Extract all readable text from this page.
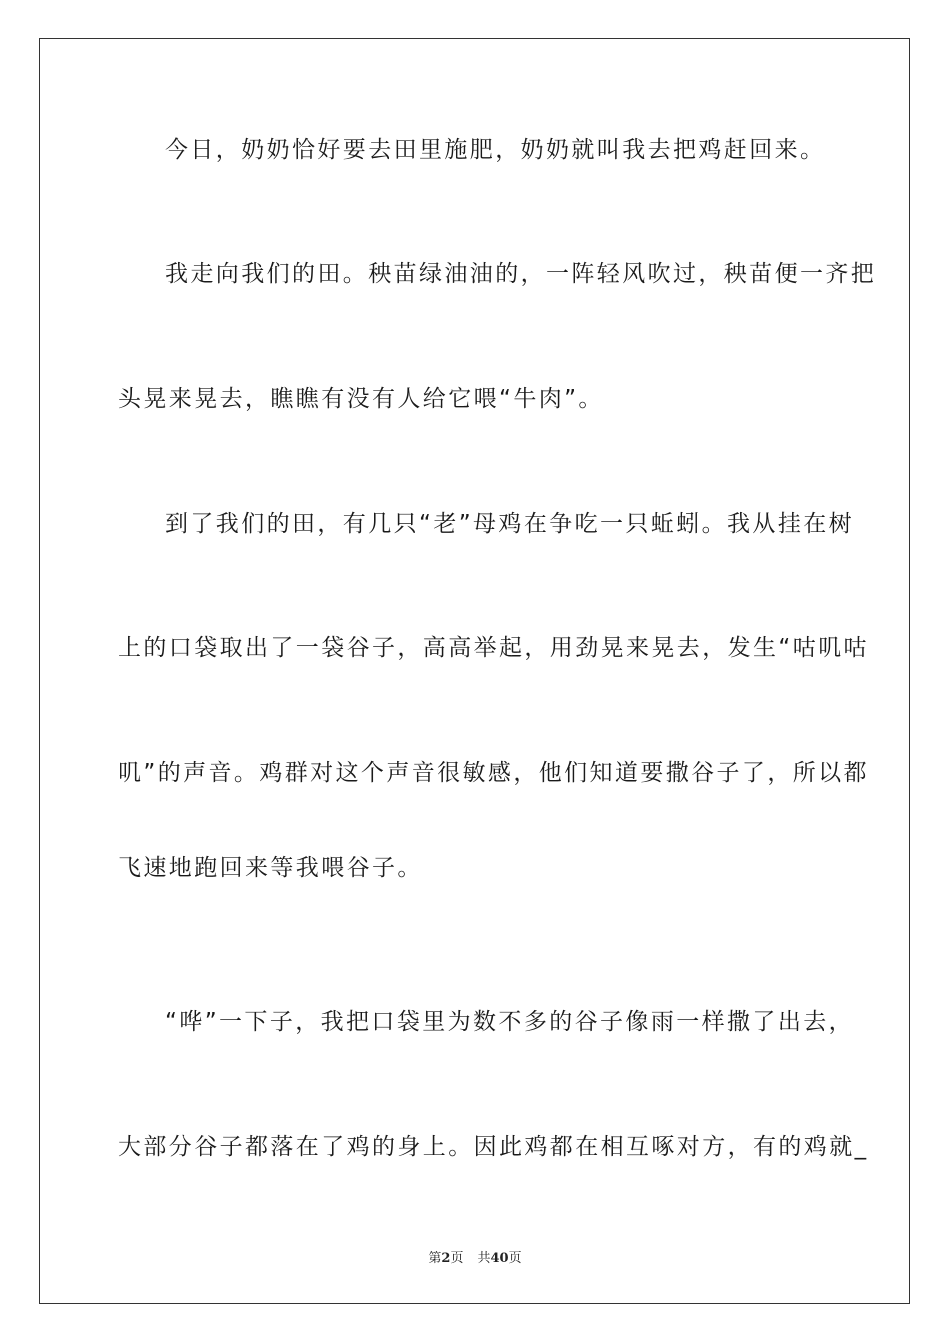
今日，奶奶恰好要去田里施肥，奶奶就叫我去把鸡赶回来。
我走向我们的田。秧苗绿油油的，一阵轻风吹过，秧苗便一齐把
头晃来晃去，瞧瞧有没有人给它喂“牛肉”。
到了我们的田，有几只“老”母鸡在争吃一只蚯蚓。我从挂在树
上的口袋取出了一袋谷子，高高举起，用劲晃来晃去，发生“咕叽咕
叽”的声音。鸡群对这个声音很敏感，他们知道要撒谷子了，所以都
飞速地跑回来等我喂谷子。
“哗”一下子，我把口袋里为数不多的谷子像雨一样撒了出去，
大部分谷子都落在了鸡的身上。因此鸡都在相互啄对方，有的鸡就_
第2页 共40页
